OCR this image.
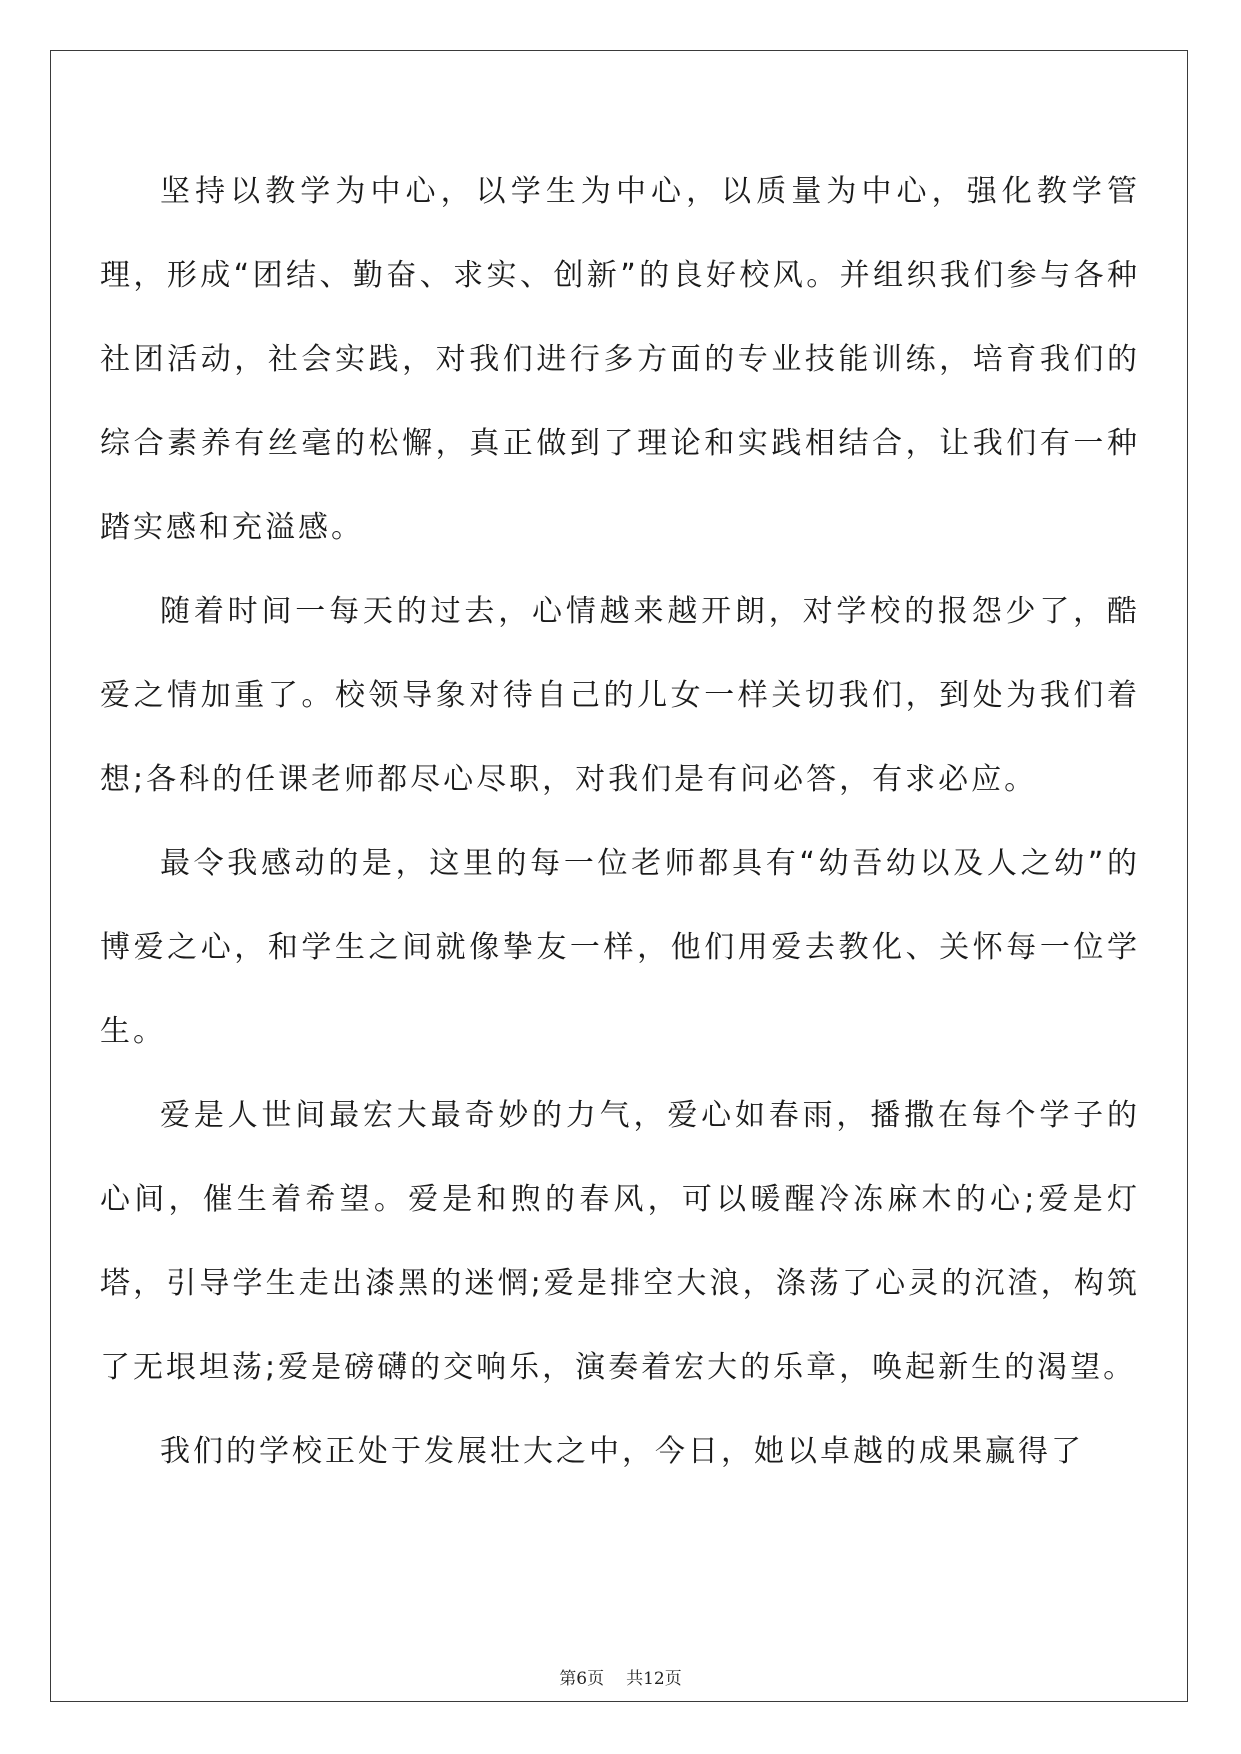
坚持以教学为中心，以学生为中心，以质量为中心，强化教学管理，形成“团结、勤奋、求实、创新”的良好校风。并组织我们参与各种社团活动，社会实践，对我们进行多方面的专业技能训练，培育我们的综合素养有丝毫的松懈，真正做到了理论和实践相结合，让我们有一种踏实感和充溢感。

随着时间一每天的过去，心情越来越开朗，对学校的报怨少了，酷爱之情加重了。校领导象对待自己的儿女一样关切我们，到处为我们着想;各科的任课老师都尽心尽职，对我们是有问必答，有求必应。

最令我感动的是，这里的每一位老师都具有“幼吾幼以及人之幼”的博爱之心，和学生之间就像挚友一样，他们用爱去教化、关怀每一位学生。

爱是人世间最宏大最奇妙的力气，爱心如春雨，播撒在每个学子的心间，催生着希望。爱是和煦的春风，可以暖醒冷冻麻木的心;爱是灯塔，引导学生走出漆黑的迷惘;爱是排空大浪，涤荡了心灵的沉渣，构筑了无垠坦荡;爱是磅礴的交响乐，演奏着宏大的乐章，唤起新生的渴望。

我们的学校正处于发展壮大之中，今日，她以卓越的成果赢得了

第6页 共12页
